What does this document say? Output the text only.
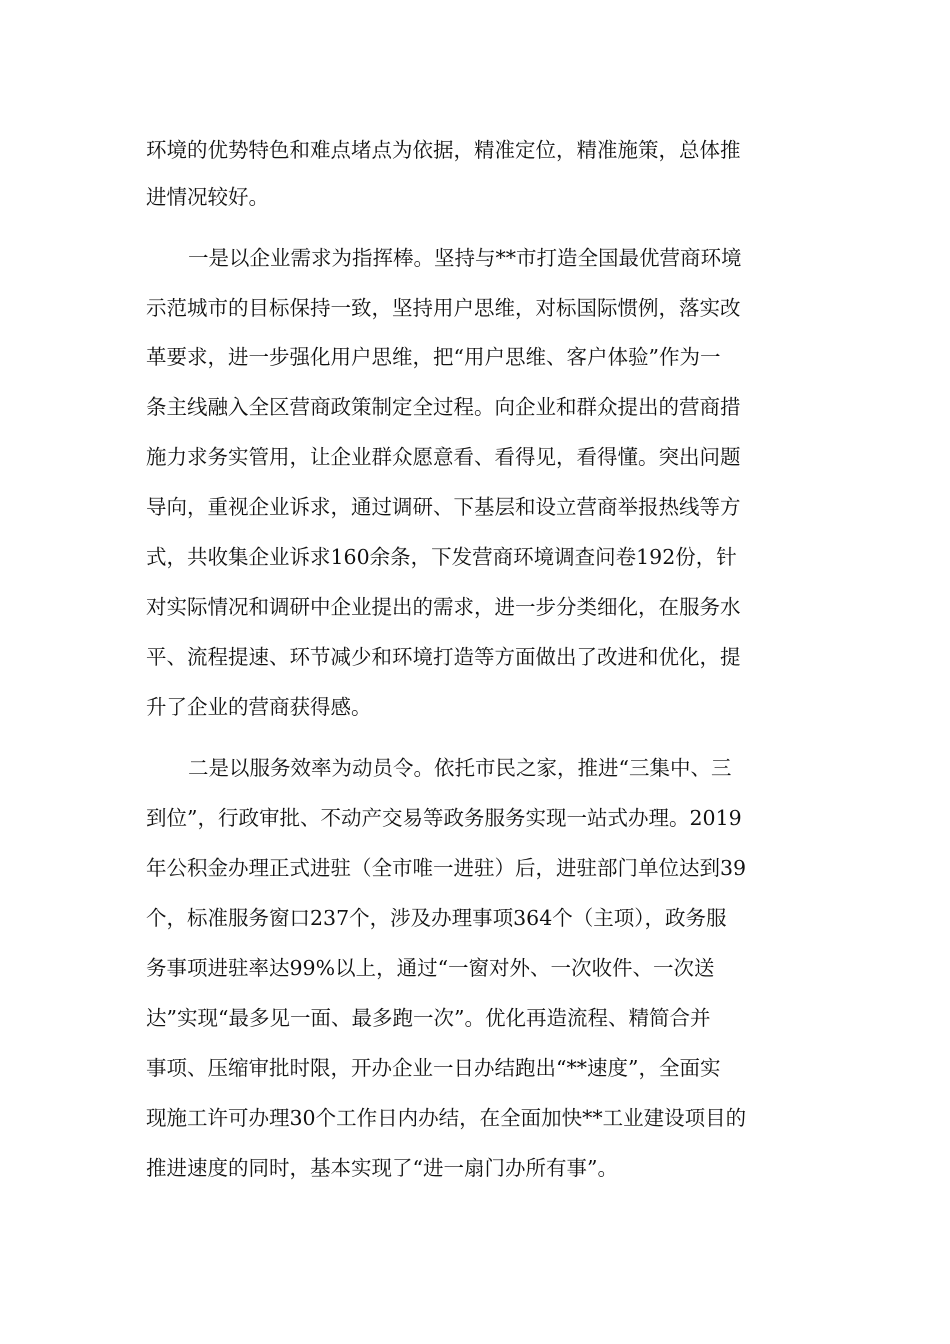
环境的优势特色和难点堵点为依据，精准定位，精准施策，总体推
进情况较好。
一是以企业需求为指挥棒。坚持与**市打造全国最优营商环境
示范城市的目标保持一致，坚持用户思维，对标国际惯例，落实改
革要求，进一步强化用户思维，把“用户思维、客户体验”作为一
条主线融入全区营商政策制定全过程。向企业和群众提出的营商措
施力求务实管用，让企业群众愿意看、看得见，看得懂。突出问题
导向，重视企业诉求，通过调研、下基层和设立营商举报热线等方
式，共收集企业诉求160余条，下发营商环境调查问卷192份，针
对实际情况和调研中企业提出的需求，进一步分类细化，在服务水
平、流程提速、环节减少和环境打造等方面做出了改进和优化，提
升了企业的营商获得感。
二是以服务效率为动员令。依托市民之家，推进“三集中、三
到位”，行政审批、不动产交易等政务服务实现一站式办理。2019
年公积金办理正式进驻（全市唯一进驻）后，进驻部门单位达到39
个，标准服务窗口237个，涉及办理事项364个（主项），政务服
务事项进驻率达99%以上，通过“一窗对外、一次收件、一次送
达”实现“最多见一面、最多跑一次”。优化再造流程、精简合并
事项、压缩审批时限，开办企业一日办结跑出“**速度”，全面实
现施工许可办理30个工作日内办结，在全面加快**工业建设项目的
推进速度的同时，基本实现了“进一扇门办所有事”。
